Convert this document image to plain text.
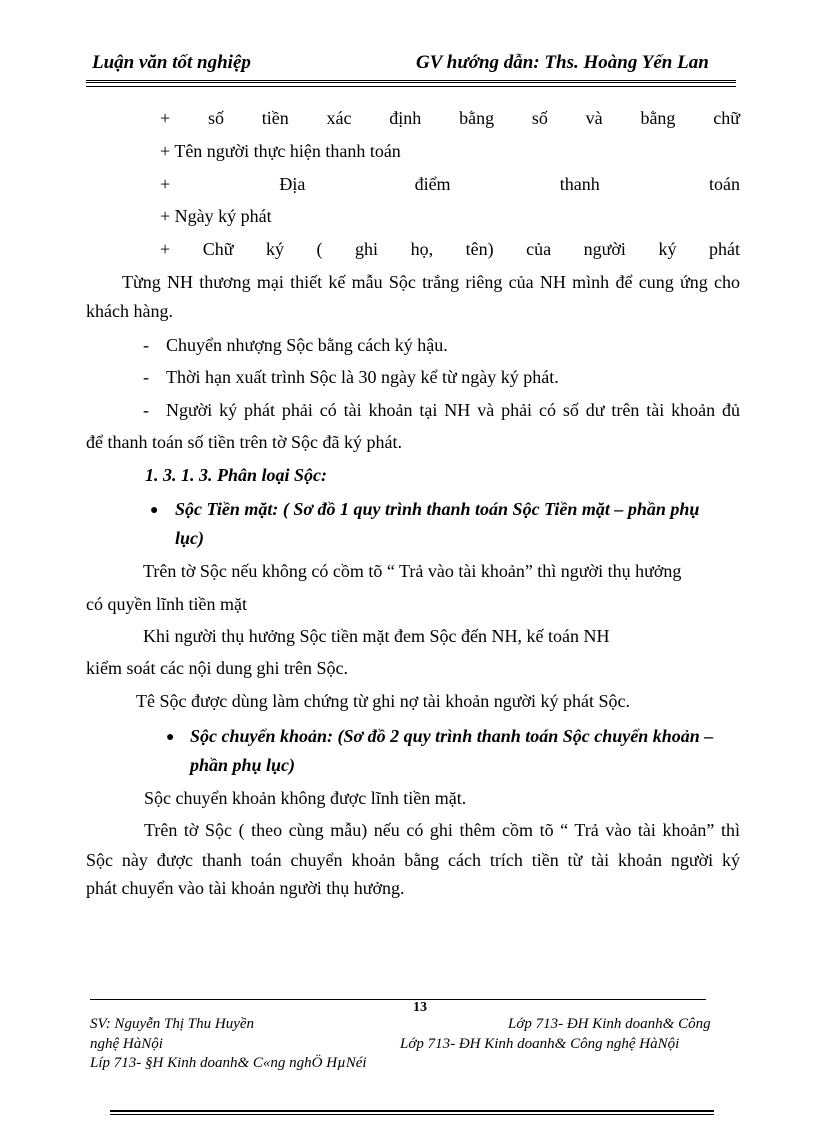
Luận văn tốt nghiệp	GV hướng dẫn: Ths. Hoàng Yến Lan
+ số tiền xác định bằng số và bằng chữ
+ Tên người thực hiện thanh toán
+	Địa	điểm	thanh	toán
+ Ngày ký phát
+ Chữ ký ( ghi họ, tên) của người ký phát
Từng NH thương mại thiết kế mẫu Sộc trắng riêng của NH mình để cung ứng cho
khách hàng.
- Chuyển nhượng Sộc bằng cách ký hậu.
- Thời hạn xuất trình Sộc là 30 ngày kể từ ngày ký phát.
- Người ký phát phải có tài khoản tại NH và phải có số dư trên tài khoản đủ
để thanh toán số tiền trên tờ Sộc đã ký phát.
1. 3. 1. 3. Phân loại Sộc:
● Sộc Tiền mặt: ( Sơ đồ 1 quy trình thanh toán Sộc Tiền mặt – phần phụ
lục)
Trên tờ Sộc nếu không có cồm tõ “ Trả vào tài khoản” thì người thụ hưởng
có quyền lĩnh tiền mặt
Khi người thụ hưởng Sộc tiền mặt đem Sộc đến NH, kế toán NH
kiểm soát các nội dung ghi trên Sộc.
Tê Sộc được dùng làm chứng từ ghi nợ tài khoản người ký phát Sộc.
● Sộc chuyển khoản: (Sơ đồ 2 quy trình thanh toán Sộc chuyển khoản –
phần phụ lục)
Sộc chuyển khoản không được lĩnh tiền mặt.
Trên tờ Sộc ( theo cùng mẫu) nếu có ghi thêm cồm tõ “ Trả vào tài khoản” thì
Sộc này được thanh toán chuyển khoản bằng cách trích tiền từ tài khoản người ký
phát chuyển vào tài khoản người thụ hưởng.
13
SV: Nguyễn Thị Thu Huyền	Lớp 713- ĐH Kinh doanh& Công
nghệ HàNội	Lớp 713- ĐH Kinh doanh& Công nghệ HàNội
Líp 713- §H Kinh doanh& C«ng nghÖ HµNéi
